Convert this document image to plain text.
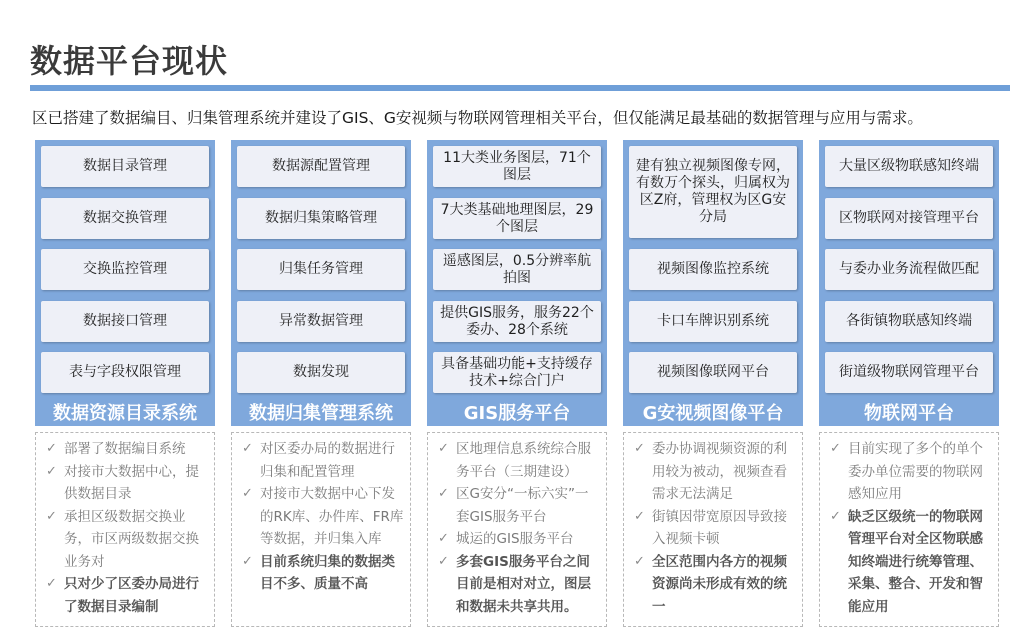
数据平台现状
区已搭建了数据编目、归集管理系统并建设了GIS、G安视频与物联网管理相关平台，但仅能满足最基础的数据管理与应用与需求。
数据目录管理
数据交换管理
交换监控管理
数据接口管理
表与字段权限管理
数据资源目录系统
✓ 部署了数据编目系统
✓ 对接市大数据中心，提供数据目录
✓ 承担区级数据交换业务，市区两级数据交换业务对
✓ 只对少了区委办局进行了数据目录编制
数据源配置管理
数据归集策略管理
归集任务管理
异常数据管理
数据发现
数据归集管理系统
✓ 对区委办局的数据进行归集和配置管理
✓ 对接市大数据中心下发的RK库、办件库、FR库等数据，并归集入库
✓ 目前系统归集的数据类目不多、质量不高
11大类业务图层，71个图层
7大类基础地理图层，29个图层
遥感图层，0.5分辨率航拍图
提供GIS服务，服务22个委办、28个系统
具备基础功能+支持缓存技术+综合门户
GIS服务平台
✓ 区地理信息系统综合服务平台（三期建设）
✓ 区G安分“一标六实”一套GIS服务平台
✓ 城运的GIS服务平台
✓ 多套GIS服务平台之间目前是相对对立，图层和数据未共享共用。
建有独立视频图像专网，有数万个探头，归属权为区Z府，管理权为区G安分局
视频图像监控系统
卡口车牌识别系统
视频图像联网平台
G安视频图像平台
✓ 委办协调视频资源的利用较为被动，视频查看需求无法满足
✓ 街镇因带宽原因导致接入视频卡顿
✓ 全区范围内各方的视频资源尚未形成有效的统一
大量区级物联感知终端
区物联网对接管理平台
与委办业务流程做匹配
各街镇物联感知终端
街道级物联网管理平台
物联网平台
✓ 目前实现了多个的单个委办单位需要的物联网感知应用
✓ 缺乏区级统一的物联网管理平台对全区物联感知终端进行统筹管理、采集、整合、开发和智能应用
